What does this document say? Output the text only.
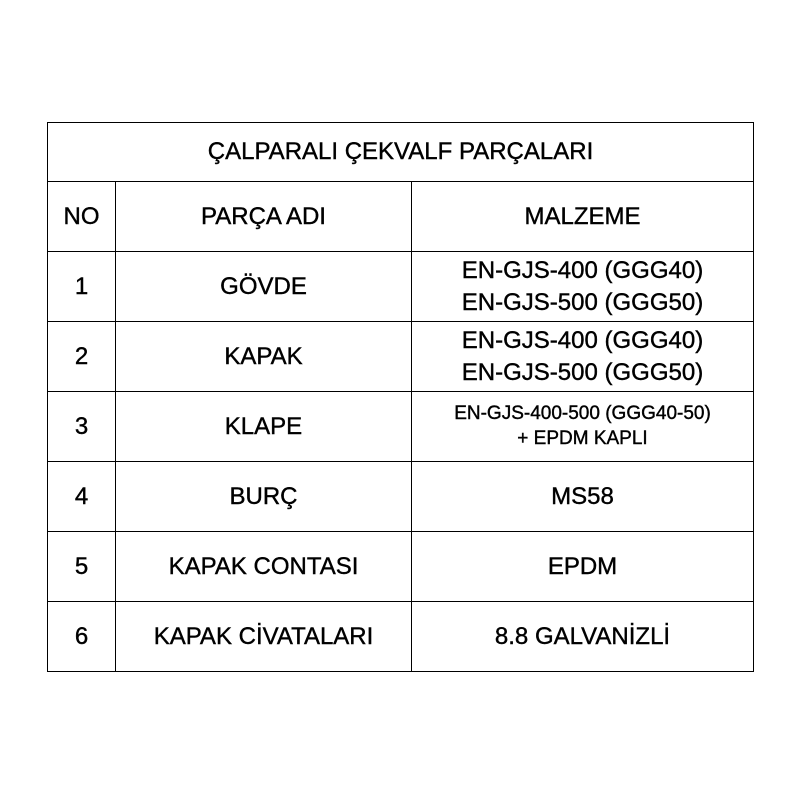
ÇALPARALI ÇEKVALF PARÇALARI		
NO	PARÇA ADI	MALZEME
1	GÖVDE	EN-GJS-400 (GGG40)
EN-GJS-500 (GGG50)

2	KAPAK	EN-GJS-400 (GGG40)
EN-GJS-500 (GGG50)

3	KLAPE	EN-GJS-400-500 (GGG40-50)
+ EPDM KAPLI

4	BURÇ	MS58

5	KAPAK CONTASI	EPDM

6	KAPAK CİVATALARI	8.8 GALVANİZLİ
